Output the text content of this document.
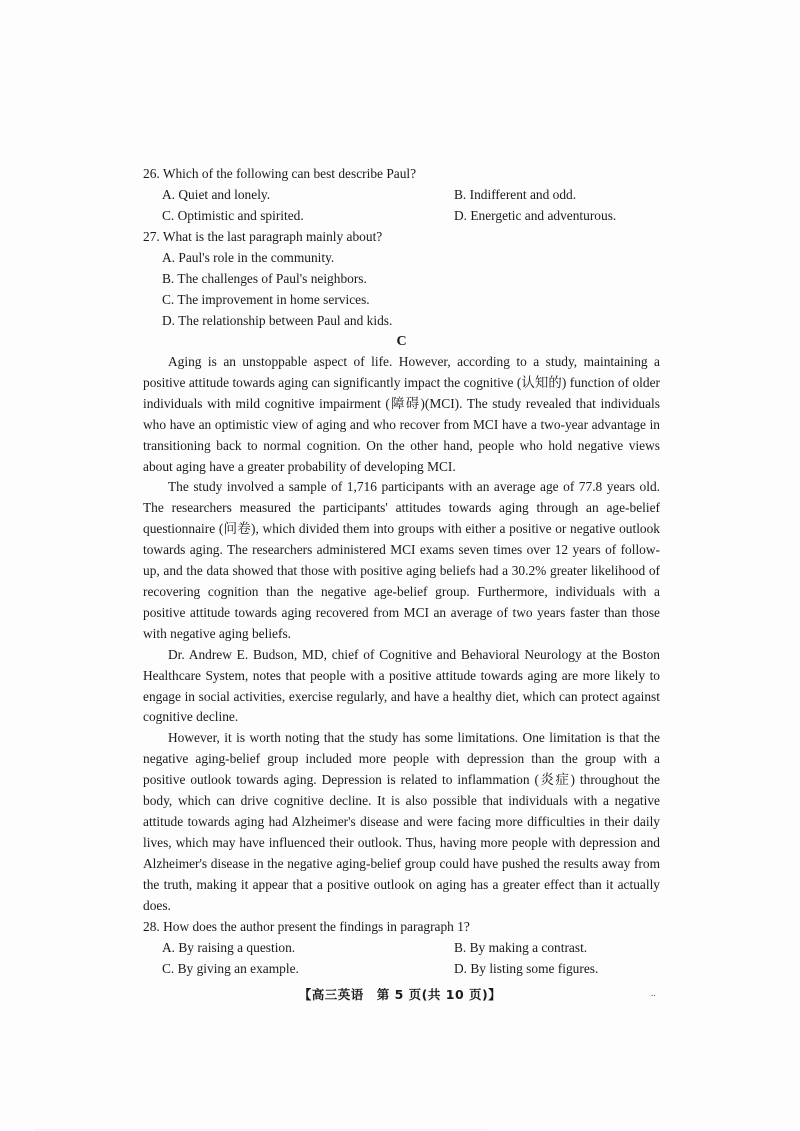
26. Which of the following can best describe Paul?

A. Quiet and lonely.	B. Indifferent and odd.
C. Optimistic and spirited.	D. Energetic and adventurous.

27. What is the last paragraph mainly about?

A. Paul's role in the community.
B. The challenges of Paul's neighbors.
C. The improvement in home services.
D. The relationship between Paul and kids.

C

Aging is an unstoppable aspect of life. However, according to a study, maintaining a positive attitude towards aging can significantly impact the cognitive (认知的) function of older individuals with mild cognitive impairment (障碍)(MCI). The study revealed that individuals who have an optimistic view of aging and who recover from MCI have a two-year advantage in transitioning back to normal cognition. On the other hand, people who hold negative views about aging have a greater probability of developing MCI.

The study involved a sample of 1,716 participants with an average age of 77.8 years old. The researchers measured the participants' attitudes towards aging through an age-belief questionnaire (问卷), which divided them into groups with either a positive or negative outlook towards aging. The researchers administered MCI exams seven times over 12 years of follow-up, and the data showed that those with positive aging beliefs had a 30.2% greater likelihood of recovering cognition than the negative age-belief group. Furthermore, individuals with a positive attitude towards aging recovered from MCI an average of two years faster than those with negative aging beliefs.

Dr. Andrew E. Budson, MD, chief of Cognitive and Behavioral Neurology at the Boston Healthcare System, notes that people with a positive attitude towards aging are more likely to engage in social activities, exercise regularly, and have a healthy diet, which can protect against cognitive decline.

However, it is worth noting that the study has some limitations. One limitation is that the negative aging-belief group included more people with depression than the group with a positive outlook towards aging. Depression is related to inflammation (炎症) throughout the body, which can drive cognitive decline. It is also possible that individuals with a negative attitude towards aging had Alzheimer's disease and were facing more difficulties in their daily lives, which may have influenced their outlook. Thus, having more people with depression and Alzheimer's disease in the negative aging-belief group could have pushed the results away from the truth, making it appear that a positive outlook on aging has a greater effect than it actually does.

28. How does the author present the findings in paragraph 1?

A. By raising a question.	B. By making a contrast.
C. By giving an example.	D. By listing some figures.
【高三英语　第 5 页(共 10 页)】	..
